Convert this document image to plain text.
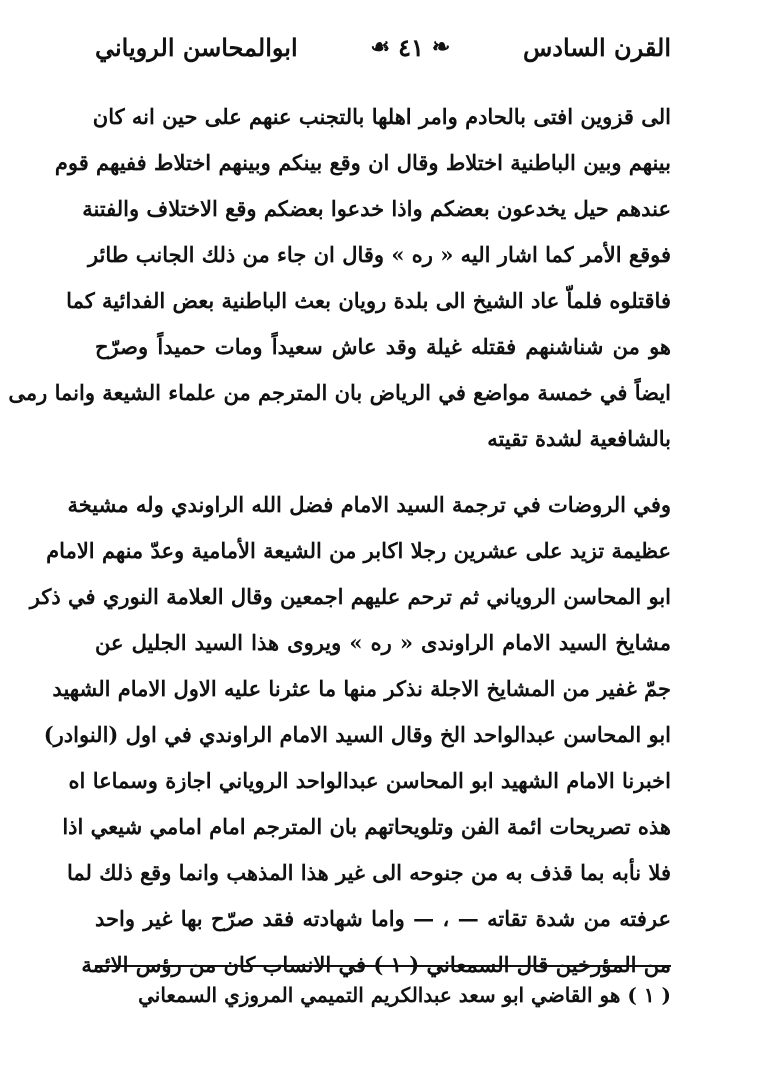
القرن السادس
❧
٤١
☙
ابوالمحاسن الروياني
الى قزوين افتى بالحادم وامر اهلها بالتجنب عنهم على حين انه كان
بينهم وبين الباطنية اختلاط وقال ان وقع بينكم وبينهم اختلاط ففيهم قوم
عندهم حيل يخدعون بعضكم واذا خدعوا بعضكم وقع الاختلاف والفتنة
فوقع الأمر كما اشار اليه « ره » وقال ان جاء من ذلك الجانب طائر
فاقتلوه فلماّ عاد الشيخ الى بلدة رويان بعث الباطنية بعض الفدائية كما
هو من شناشنهم فقتله غيلة وقد عاش سعيداً ومات حميداً وصرّح
ايضاً في خمسة مواضع في الرياض بان المترجم من علماء الشيعة وانما رمى
بالشافعية لشدة تقيته
وفي الروضات في ترجمة السيد الامام فضل الله الراوندي وله مشيخة
عظيمة تزيد على عشرين رجلا اكابر من الشيعة الأمامية وعدّ منهم الامام
ابو المحاسن الروياني ثم ترحم عليهم اجمعين وقال العلامة النوري في ذكر
مشايخ السيد الامام الراوندى « ره » ويروى هذا السيد الجليل عن
جمّ غفير من المشايخ الاجلة نذكر منها ما عثرنا عليه الاول الامام الشهيد
ابو المحاسن عبدالواحد الخ وقال السيد الامام الراوندي في اول (النوادر)
اخبرنا الامام الشهيد ابو المحاسن عبدالواحد الروياني اجازة وسماعا اه
هذه تصريحات ائمة الفن وتلويحاتهم بان المترجم امام امامي شيعي اذا
فلا نأبه بما قذف به من جنوحه الى غير هذا المذهب وانما وقع ذلك لما
عرفته من شدة تقاته — ، — واما شهادته فقد صرّح بها غير واحد
من المؤرخين قال السمعاني ( ١ ) في الانساب كان من رؤس الائمة
( ١ ) هو القاضي ابو سعد عبدالكريم التميمي المروزي السمعاني
